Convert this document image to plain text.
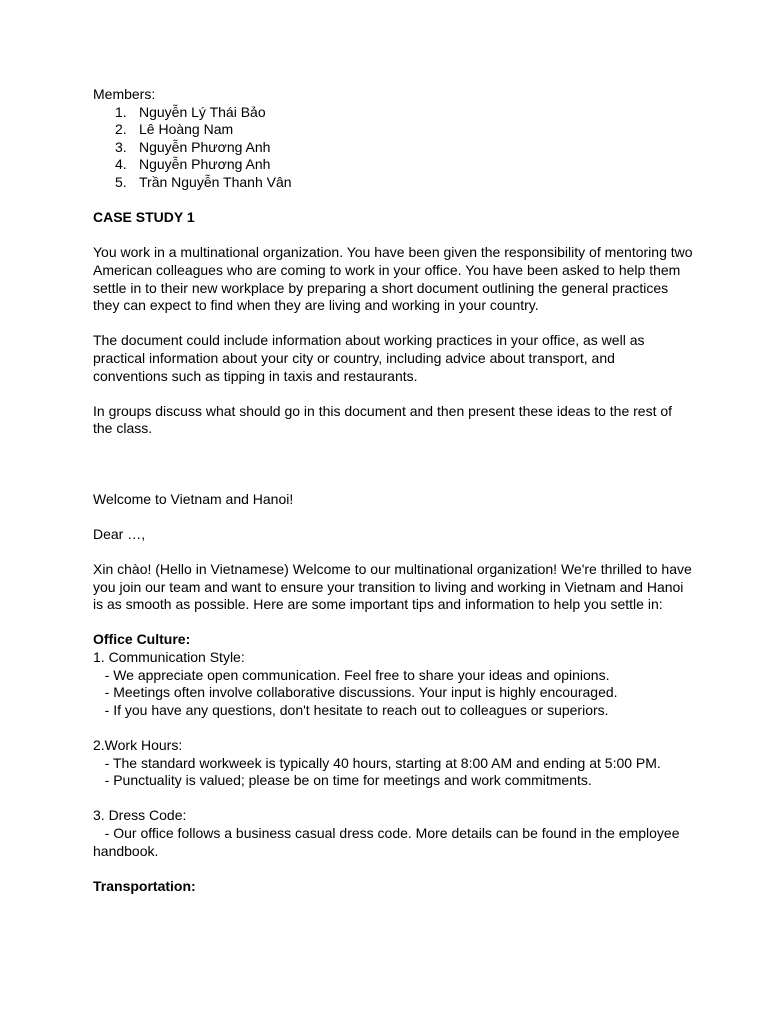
Members:

1. Nguyễn Lý Thái Bảo
2. Lê Hoàng Nam
3. Nguyễn Phương Anh
4. Nguyễn Phương Anh
5. Trần Nguyễn Thanh Vân

CASE STUDY 1

You work in a multinational organization. You have been given the responsibility of mentoring two American colleagues who are coming to work in your office. You have been asked to help them settle in to their new workplace by preparing a short document outlining the general practices they can expect to find when they are living and working in your country.

The document could include information about working practices in your office, as well as practical information about your city or country, including advice about transport, and conventions such as tipping in taxis and restaurants.

In groups discuss what should go in this document and then present these ideas to the rest of the class.

Welcome to Vietnam and Hanoi!

Dear …,

Xin chào! (Hello in Vietnamese) Welcome to our multinational organization! We're thrilled to have you join our team and want to ensure your transition to living and working in Vietnam and Hanoi is as smooth as possible. Here are some important tips and information to help you settle in:

Office Culture:

1. Communication Style:

- We appreciate open communication. Feel free to share your ideas and opinions.

- Meetings often involve collaborative discussions. Your input is highly encouraged.

- If you have any questions, don't hesitate to reach out to colleagues or superiors.

2.Work Hours:

- The standard workweek is typically 40 hours, starting at 8:00 AM and ending at 5:00 PM.

- Punctuality is valued; please be on time for meetings and work commitments.

3. Dress Code:

- Our office follows a business casual dress code. More details can be found in the employee handbook.

Transportation:
